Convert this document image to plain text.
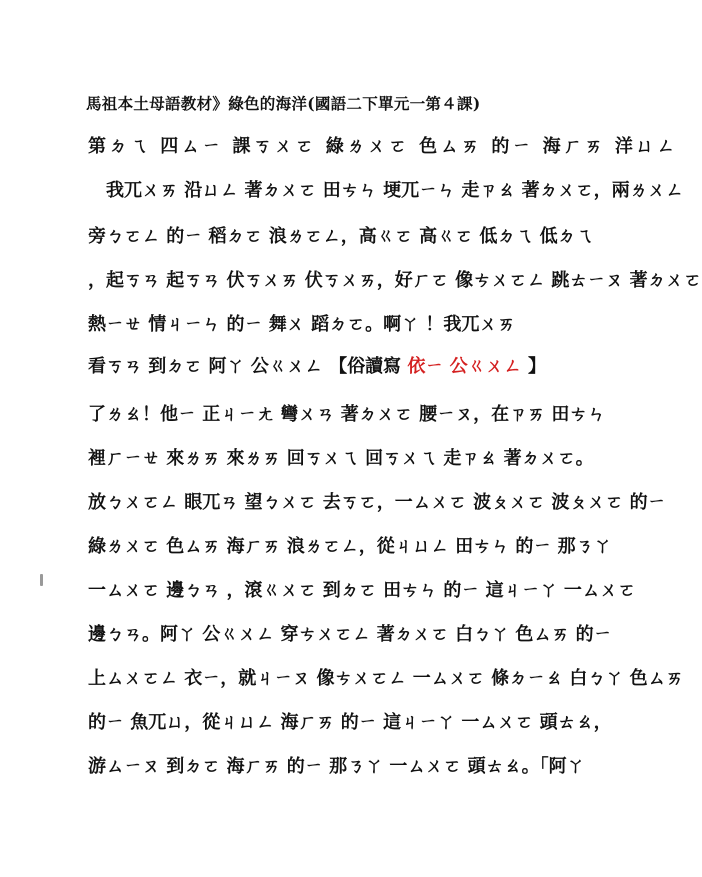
馬祖本土母語教材》綠色的海洋(國語二下單元一第４課)
第ㄉㄟ 四ㄙㄧ 課ㄎㄨㄛ 綠ㄌㄨㄛ 色ㄙㄞ 的ㄧ 海ㄏㄞ 洋ㄩㄥ
　我ㄫㄨㄞ 沿ㄩㄥ 著ㄉㄨㄛ 田ㄘㄣ 埂ㄫㄧㄣ 走ㄗㄠ 著ㄉㄨㄛ，兩ㄌㄨㄥ
旁ㄅㄛㄥ 的ㄧ 稻ㄉㄛ 浪ㄌㄛㄥ，高ㄍㄛ 高ㄍㄛ 低ㄉㄟ 低ㄉㄟ
，起ㄎㄢ 起ㄎㄢ 伏ㄎㄨㄞ 伏ㄎㄨㄞ，好ㄏㄛ 像ㄘㄨㄛㄥ 跳ㄊㄧㄡ 著ㄉㄨㄛ
熱ㄧㄝ 情ㄐㄧㄣ 的ㄧ 舞ㄨ 蹈ㄉㄛ。啊ㄚ ！我ㄫㄨㄞ
看ㄎㄢ 到ㄉㄛ 阿ㄚ 公ㄍㄨㄥ 【俗讀寫 依ㄧ 公ㄍㄨㄥ 】
了ㄌㄠ！他ㄧ 正ㄐㄧㄤ 彎ㄨㄢ 著ㄉㄨㄛ 腰ㄧㄡ，在ㄗㄞ 田ㄘㄣ
裡ㄏㄧㄝ 來ㄌㄞ 來ㄌㄞ 回ㄎㄨㄟ 回ㄎㄨㄟ 走ㄗㄠ 著ㄉㄨㄛ。
放ㄅㄨㄛㄥ 眼ㄫㄢ 望ㄅㄨㄛ 去ㄎㄛ，一ㄙㄨㄛ 波ㄆㄨㄛ 波ㄆㄨㄛ 的ㄧ
綠ㄌㄨㄛ 色ㄙㄞ 海ㄏㄞ 浪ㄌㄛㄥ，從ㄐㄩㄥ 田ㄘㄣ 的ㄧ 那ㄋㄚ
一ㄙㄨㄛ 邊ㄅㄢ ，滾ㄍㄨㄛ 到ㄉㄛ 田ㄘㄣ 的ㄧ 這ㄐㄧㄚ 一ㄙㄨㄛ
邊ㄅㄢ。阿ㄚ 公ㄍㄨㄥ 穿ㄘㄨㄛㄥ 著ㄉㄨㄛ 白ㄅㄚ 色ㄙㄞ 的ㄧ
上ㄙㄨㄛㄥ 衣ㄧ，就ㄐㄧㄡ 像ㄘㄨㄛㄥ 一ㄙㄨㄛ 條ㄉㄧㄠ 白ㄅㄚ 色ㄙㄞ
的ㄧ 魚ㄫㄩ，從ㄐㄩㄥ 海ㄏㄞ 的ㄧ 這ㄐㄧㄚ 一ㄙㄨㄛ 頭ㄊㄠ，
游ㄙㄧㄡ 到ㄉㄛ 海ㄏㄞ 的ㄧ 那ㄋㄚ 一ㄙㄨㄛ 頭ㄊㄠ。「阿ㄚ
